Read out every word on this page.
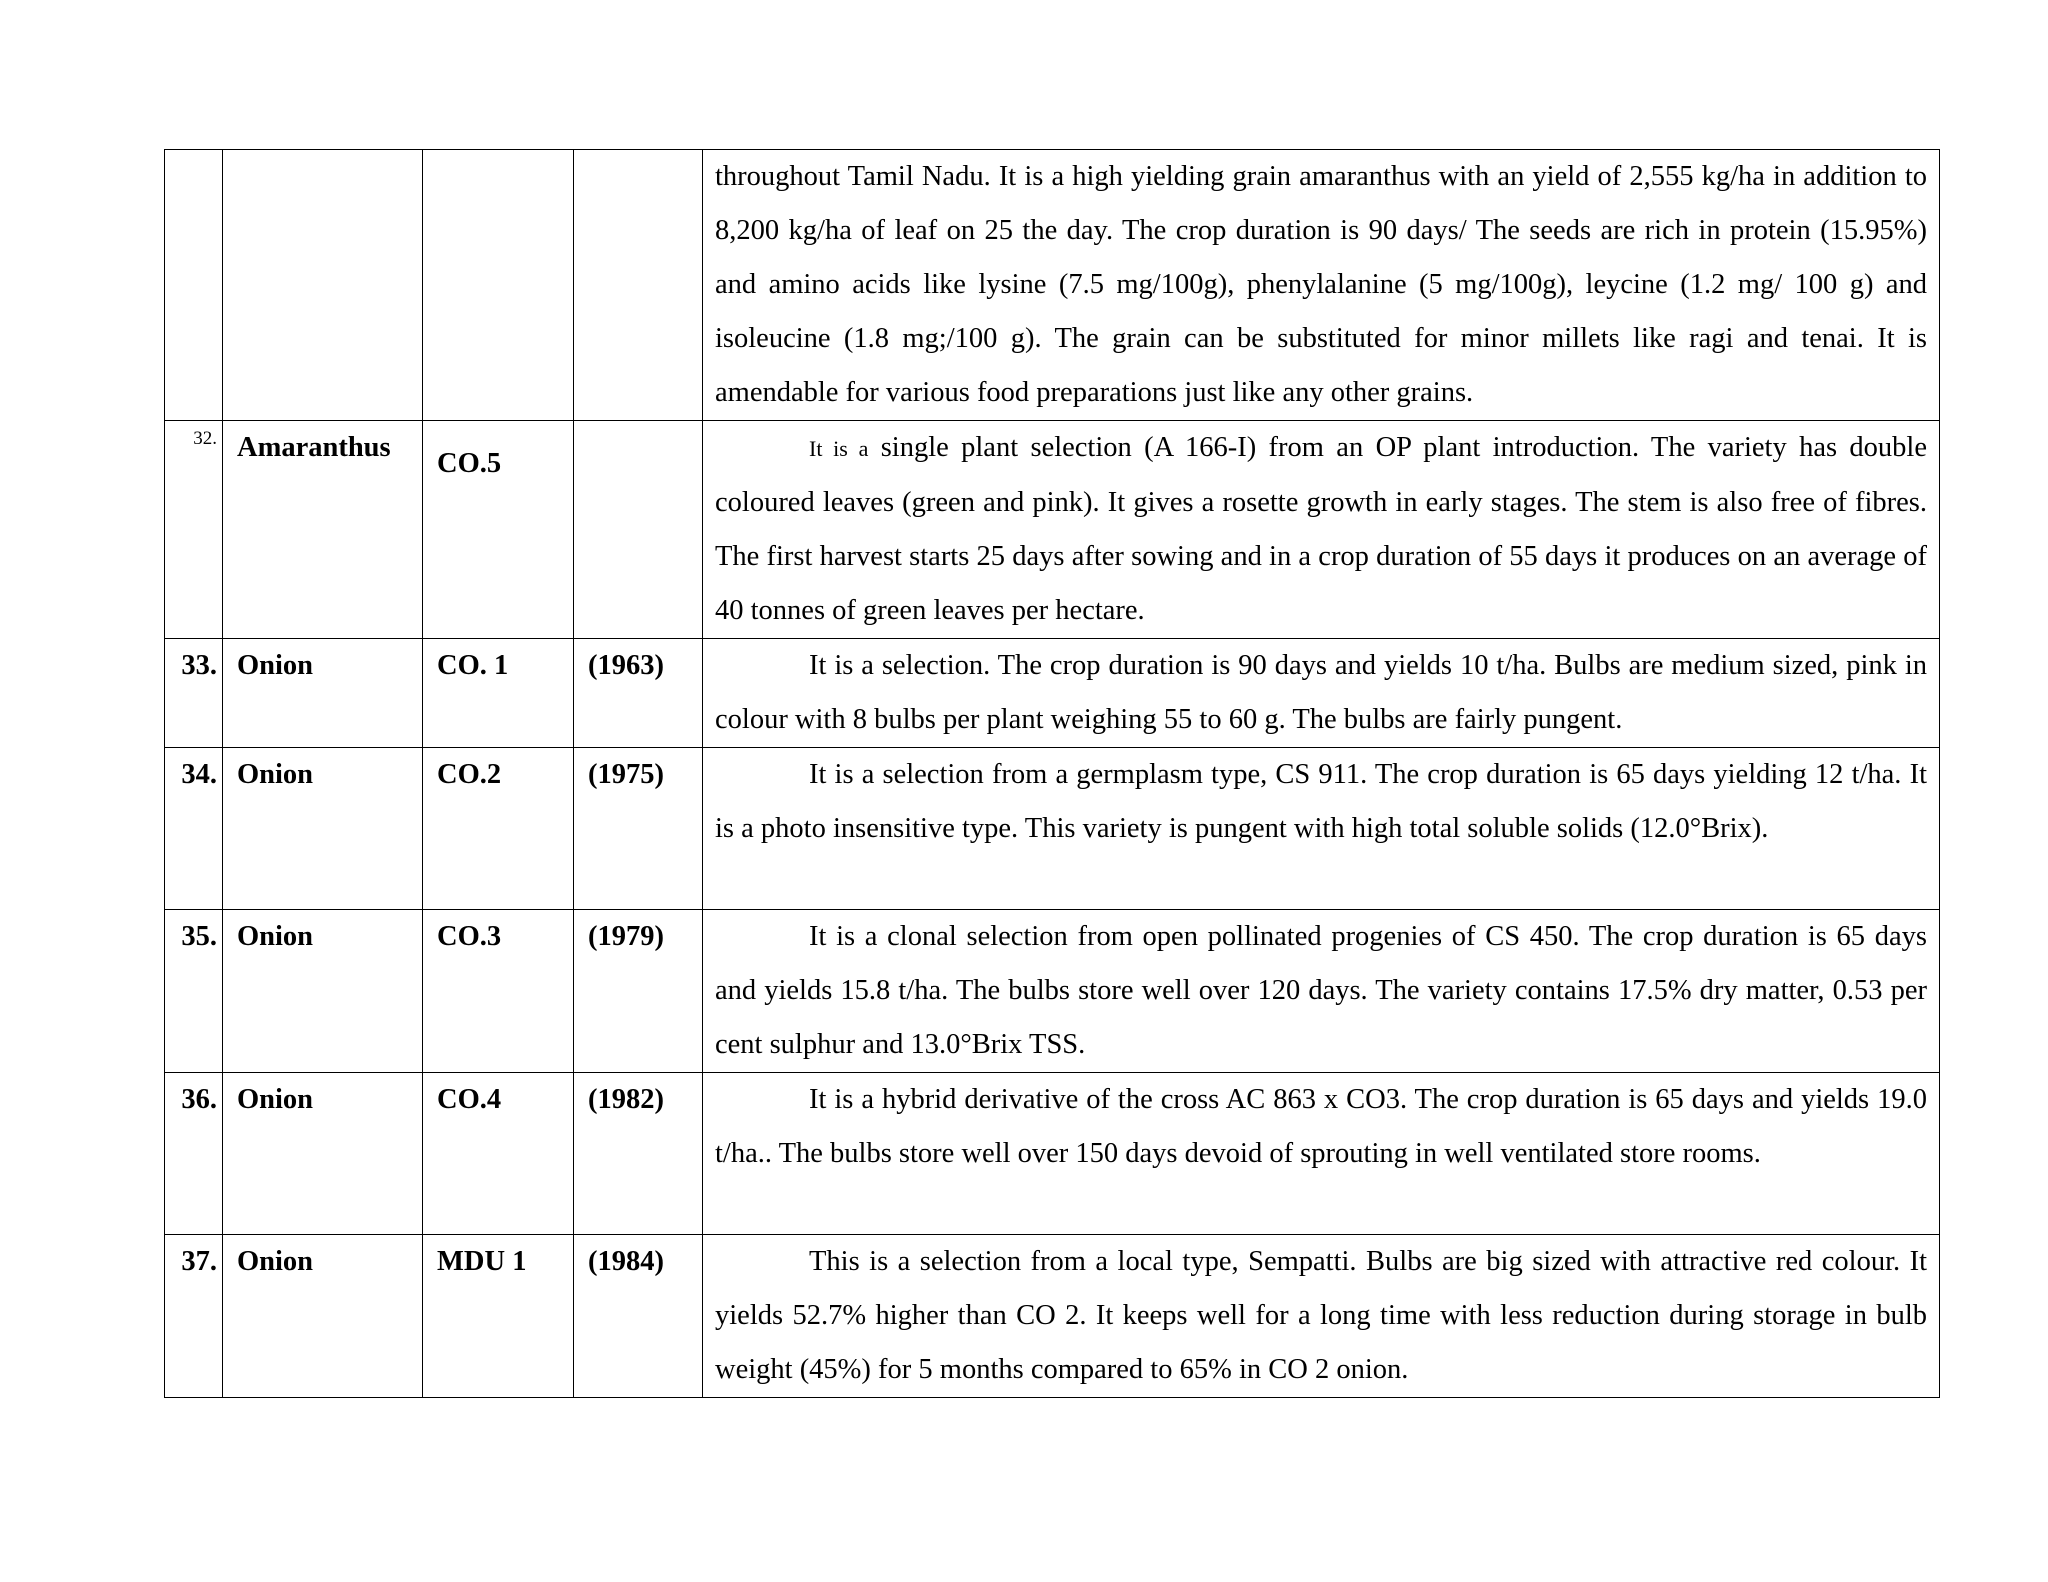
				throughout Tamil Nadu. It is a high yielding grain amaranthus with an yield of 2,555 kg/ha in addition to 8,200 kg/ha of leaf on 25 the day. The crop duration is 90 days/ The seeds are rich in protein (15.95%) and amino acids like lysine (7.5 mg/100g), phenylalanine (5 mg/100g), leycine (1.2 mg/ 100 g) and isoleucine (1.8 mg;/100 g). The grain can be substituted for minor millets like ragi and tenai. It is amendable for various food preparations just like any other grains.
32.	Amaranthus	CO.5		It is a single plant selection (A 166-I) from an OP plant introduction. The variety has double coloured leaves (green and pink). It gives a rosette growth in early stages. The stem is also free of fibres. The first harvest starts 25 days after sowing and in a crop duration of 55 days it produces on an average of 40 tonnes of green leaves per hectare.
33.	Onion	CO. 1	(1963)	It is a selection. The crop duration is 90 days and yields 10 t/ha. Bulbs are medium sized, pink in colour with 8 bulbs per plant weighing 55 to 60 g. The bulbs are fairly pungent.
34.	Onion	CO.2	(1975)	It is a selection from a germplasm type, CS 911. The crop duration is 65 days yielding 12 t/ha. It is a photo insensitive type. This variety is pungent with high total soluble solids (12.0°Brix).
35.	Onion	CO.3	(1979)	It is a clonal selection from open pollinated progenies of CS 450. The crop duration is 65 days and yields 15.8 t/ha. The bulbs store well over 120 days. The variety contains 17.5% dry matter, 0.53 per cent sulphur and 13.0°Brix TSS.
36.	Onion	CO.4	(1982)	It is a hybrid derivative of the cross AC 863 x CO3. The crop duration is 65 days and yields 19.0 t/ha.. The bulbs store well over 150 days devoid of sprouting in well ventilated store rooms.
37.	Onion	MDU 1	(1984)	This is a selection from a local type, Sempatti. Bulbs are big sized with attractive red colour. It yields 52.7% higher than CO 2. It keeps well for a long time with less reduction during storage in bulb weight (45%) for 5 months compared to 65% in CO 2 onion.
